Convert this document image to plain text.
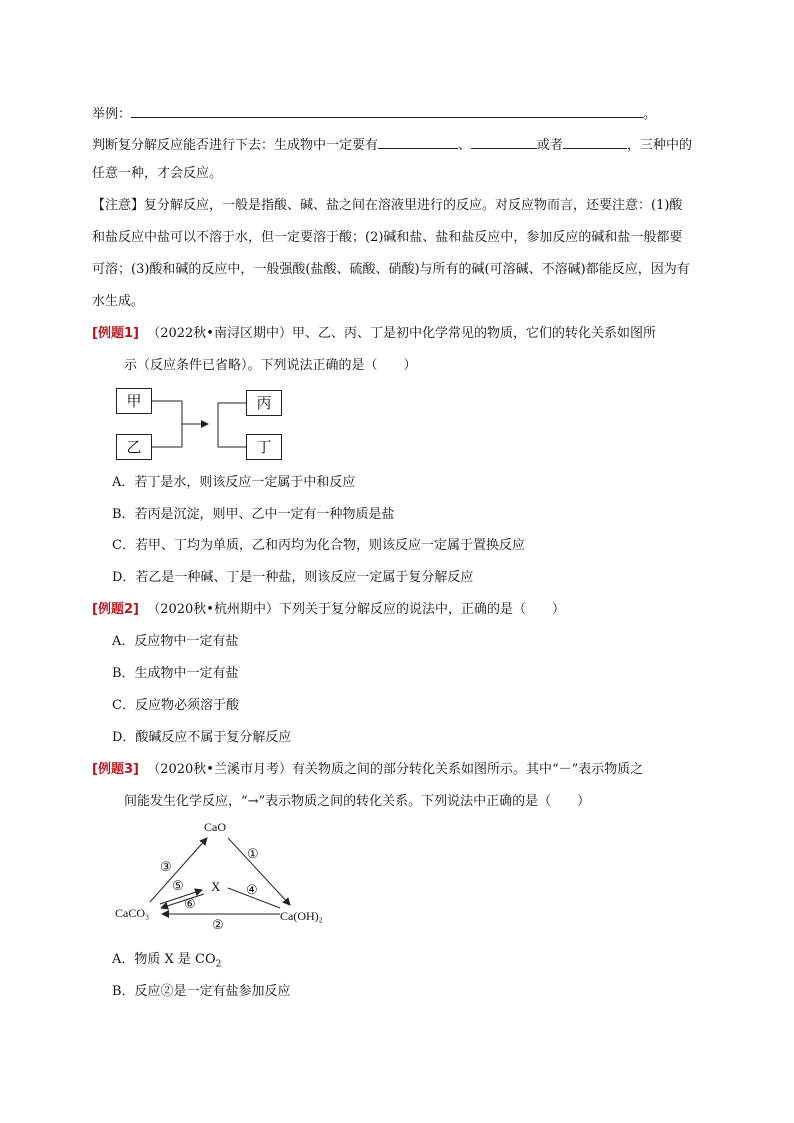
举例：	。
判断复分解反应能否进行下去：生成物中一定要有	、	或者	，三种中的
任意一种，才会反应。
【注意】复分解反应，一般是指酸、碱、盐之间在溶液里进行的反应。对反应物而言，还要注意：(1)酸
和盐反应中盐可以不溶于水，但一定要溶于酸；(2)碱和盐、盐和盐反应中，参加反应的碱和盐一般都要
可溶；(3)酸和碱的反应中，一般强酸(盐酸、硫酸、硝酸)与所有的碱(可溶碱、不溶碱)都能反应，因为有
水生成。
[例题1] （2022秋•南浔区期中）甲、乙、丙、丁是初中化学常见的物质，它们的转化关系如图所
示（反应条件已省略）。下列说法正确的是（　　）
甲
乙
丙
丁
A．若丁是水，则该反应一定属于中和反应
B．若丙是沉淀，则甲、乙中一定有一种物质是盐
C．若甲、丁均为单质，乙和丙均为化合物，则该反应一定属于置换反应
D．若乙是一种碱、丁是一种盐，则该反应一定属于复分解反应
[例题2] （2020秋•杭州期中）下列关于复分解反应的说法中，正确的是（　　）
A．反应物中一定有盐
B．生成物中一定有盐
C．反应物必须溶于酸
D．酸碱反应不属于复分解反应
[例题3] （2020秋•兰溪市月考）有关物质之间的部分转化关系如图所示。其中“－”表示物质之
间能发生化学反应，“→”表示物质之间的转化关系。下列说法中正确的是（　　）
CaO
CaCO₃	Ca(OH)₂
X
③
①
⑤	④
⑥
②
A．物质 X 是 $CO_2$
B．反应②是一定有盐参加反应
